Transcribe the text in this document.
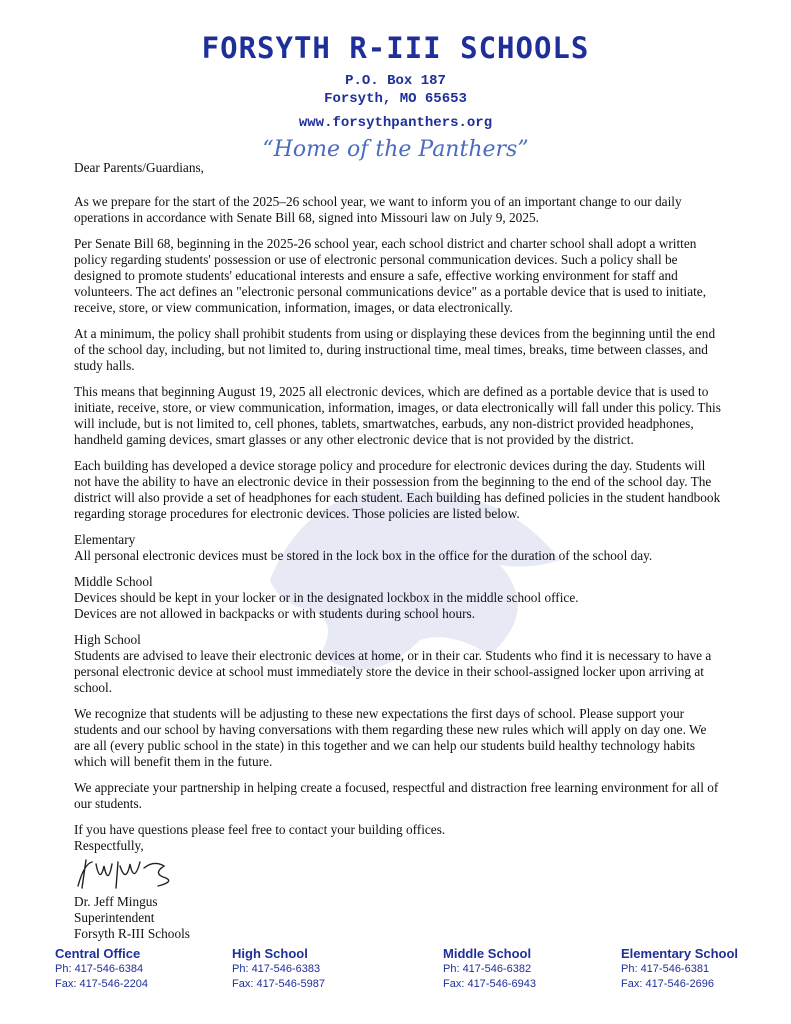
FORSYTH R-III SCHOOLS
P.O. Box 187
Forsyth, MO 65653
www.forsythpanthers.org
“Home of the Panthers”

Dear Parents/Guardians,

As we prepare for the start of the 2025–26 school year, we want to inform you of an important change to our daily operations in accordance with Senate Bill 68, signed into Missouri law on July 9, 2025.

Per Senate Bill 68, beginning in the 2025-26 school year, each school district and charter school shall adopt a written policy regarding students' possession or use of electronic personal communication devices. Such a policy shall be designed to promote students' educational interests and ensure a safe, effective working environment for staff and volunteers. The act defines an "electronic personal communications device" as a portable device that is used to initiate, receive, store, or view communication, information, images, or data electronically.

At a minimum, the policy shall prohibit students from using or displaying these devices from the beginning until the end of the school day, including, but not limited to, during instructional time, meal times, breaks, time between classes, and study halls.

This means that beginning August 19, 2025 all electronic devices, which are defined as a portable device that is used to initiate, receive, store, or view communication, information, images, or data electronically will fall under this policy. This will include, but is not limited to, cell phones, tablets, smartwatches, earbuds, any non-district provided headphones, handheld gaming devices, smart glasses or any other electronic device that is not provided by the district.

Each building has developed a device storage policy and procedure for electronic devices during the day. Students will not have the ability to have an electronic device in their possession from the beginning to the end of the school day. The district will also provide a set of headphones for each student. Each building has defined policies in the student handbook regarding storage procedures for electronic devices. Those policies are listed below.

Elementary

All personal electronic devices must be stored in the lock box in the office for the duration of the school day.

Middle School

Devices should be kept in your locker or in the designated lockbox in the middle school office.

Devices are not allowed in backpacks or with students during school hours.

High School

Students are advised to leave their electronic devices at home, or in their car. Students who find it is necessary to have a personal electronic device at school must immediately store the device in their school-assigned locker upon arriving at school.

We recognize that students will be adjusting to these new expectations the first days of school. Please support your students and our school by having conversations with them regarding these new rules which will apply on day one. We are all (every public school in the state) in this together and we can help our students build healthy technology habits which will benefit them in the future.

We appreciate your partnership in helping create a focused, respectful and distraction free learning environment for all of our students.

If you have questions please feel free to contact your building offices.
Respectfully,
Dr. Jeff Mingus
Superintendent
Forsyth R-III Schools
Central Office
Ph: 417-546-6384
Fax: 417-546-2204
High School
Ph: 417-546-6383
Fax: 417-546-5987
Middle School
Ph: 417-546-6382
Fax: 417-546-6943
Elementary School
Ph: 417-546-6381
Fax: 417-546-2696
